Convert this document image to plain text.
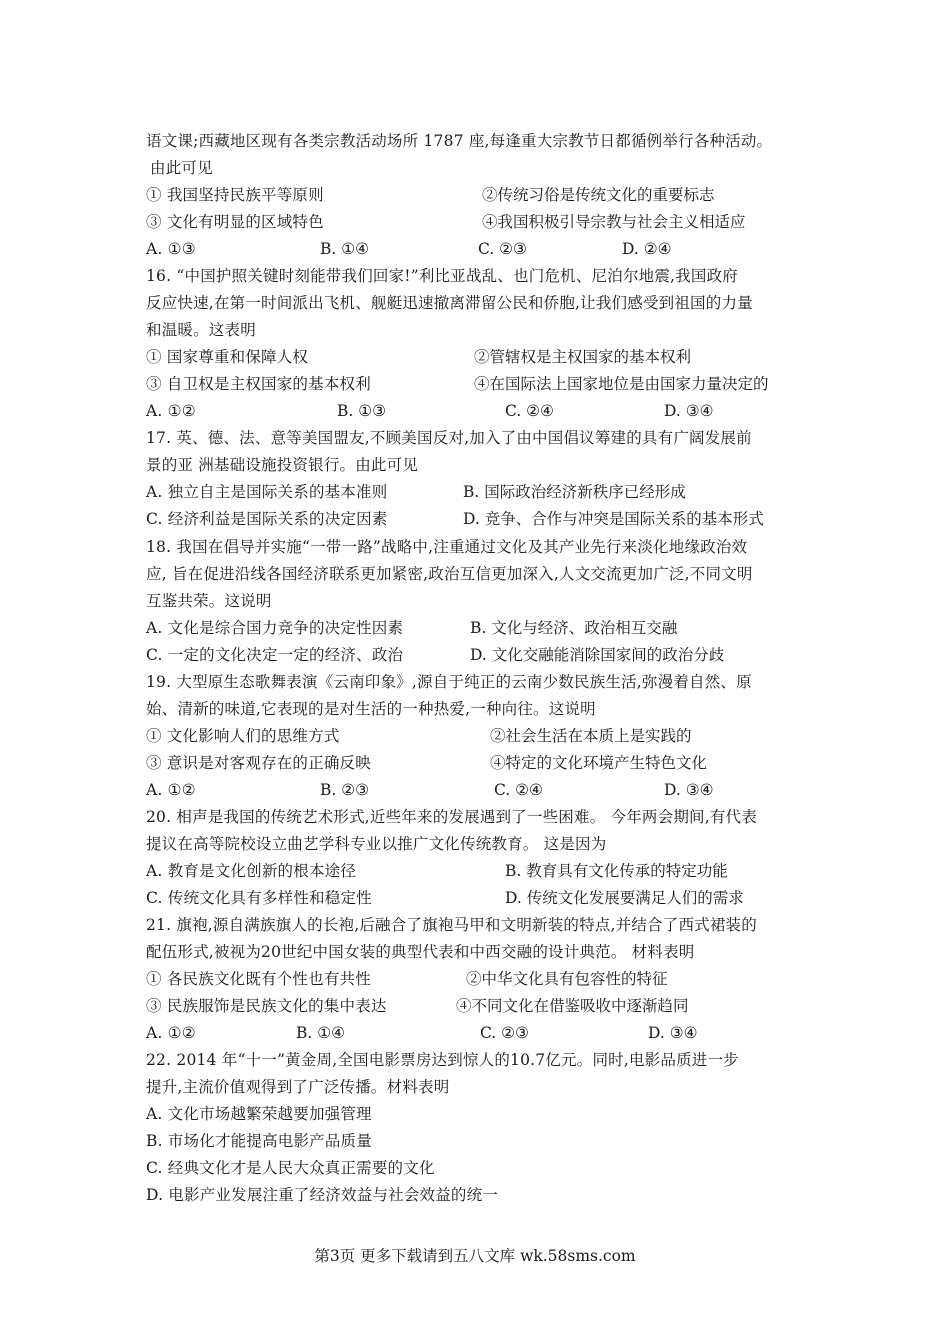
语文课;西藏地区现有各类宗教活动场所 1787 座,每逢重大宗教节日都循例举行各种活动。
由此可见
① 我国坚持民族平等原则	②传统习俗是传统文化的重要标志
③ 文化有明显的区域特色	④我国积极引导宗教与社会主义相适应
A. ①③	B. ①④	C. ②③	D. ②④
16. “中国护照关键时刻能带我们回家!”利比亚战乱、也门危机、尼泊尔地震,我国政府
反应快速,在第一时间派出飞机、舰艇迅速撤离滞留公民和侨胞,让我们感受到祖国的力量
和温暖。这表明
① 国家尊重和保障人权	②管辖权是主权国家的基本权利
③ 自卫权是主权国家的基本权利	④在国际法上国家地位是由国家力量决定的
A. ①②	B. ①③	C. ②④	D. ③④
17. 英、德、法、意等美国盟友,不顾美国反对,加入了由中国倡议筹建的具有广阔发展前
景的亚 洲基础设施投资银行。由此可见
A. 独立自主是国际关系的基本准则	B. 国际政治经济新秩序已经形成
C. 经济利益是国际关系的决定因素	D. 竞争、合作与冲突是国际关系的基本形式
18. 我国在倡导并实施“一带一路”战略中,注重通过文化及其产业先行来淡化地缘政治效
应, 旨在促进沿线各国经济联系更加紧密,政治互信更加深入,人文交流更加广泛,不同文明
互鉴共荣。这说明
A. 文化是综合国力竞争的决定性因素	B. 文化与经济、政治相互交融
C. 一定的文化决定一定的经济、政治	D. 文化交融能消除国家间的政治分歧
19. 大型原生态歌舞表演《云南印象》,源自于纯正的云南少数民族生活,弥漫着自然、原
始、清新的味道,它表现的是对生活的一种热爱,一种向往。这说明
① 文化影响人们的思维方式	②社会生活在本质上是实践的
③ 意识是对客观存在的正确反映	④特定的文化环境产生特色文化
A. ①②	B. ②③	C. ②④	D. ③④
20. 相声是我国的传统艺术形式,近些年来的发展遇到了一些困难。 今年两会期间,有代表
提议在高等院校设立曲艺学科专业以推广文化传统教育。 这是因为
A. 教育是文化创新的根本途径	B. 教育具有文化传承的特定功能
C. 传统文化具有多样性和稳定性	D. 传统文化发展要满足人们的需求
21. 旗袍,源自满族旗人的长袍,后融合了旗袍马甲和文明新装的特点,并结合了西式裙装的
配伍形式,被视为20世纪中国女装的典型代表和中西交融的设计典范。 材料表明
① 各民族文化既有个性也有共性	②中华文化具有包容性的特征
③ 民族服饰是民族文化的集中表达	④不同文化在借鉴吸收中逐渐趋同
A. ①②	B. ①④	C. ②③	D. ③④
22. 2014 年“十一”黄金周,全国电影票房达到惊人的10.7亿元。同时,电影品质进一步
提升,主流价值观得到了广泛传播。材料表明
A. 文化市场越繁荣越要加强管理
B. 市场化才能提高电影产品质量
C. 经典文化才是人民大众真正需要的文化
D. 电影产业发展注重了经济效益与社会效益的统一
第3页 更多下载请到五八文库 wk.58sms.com
